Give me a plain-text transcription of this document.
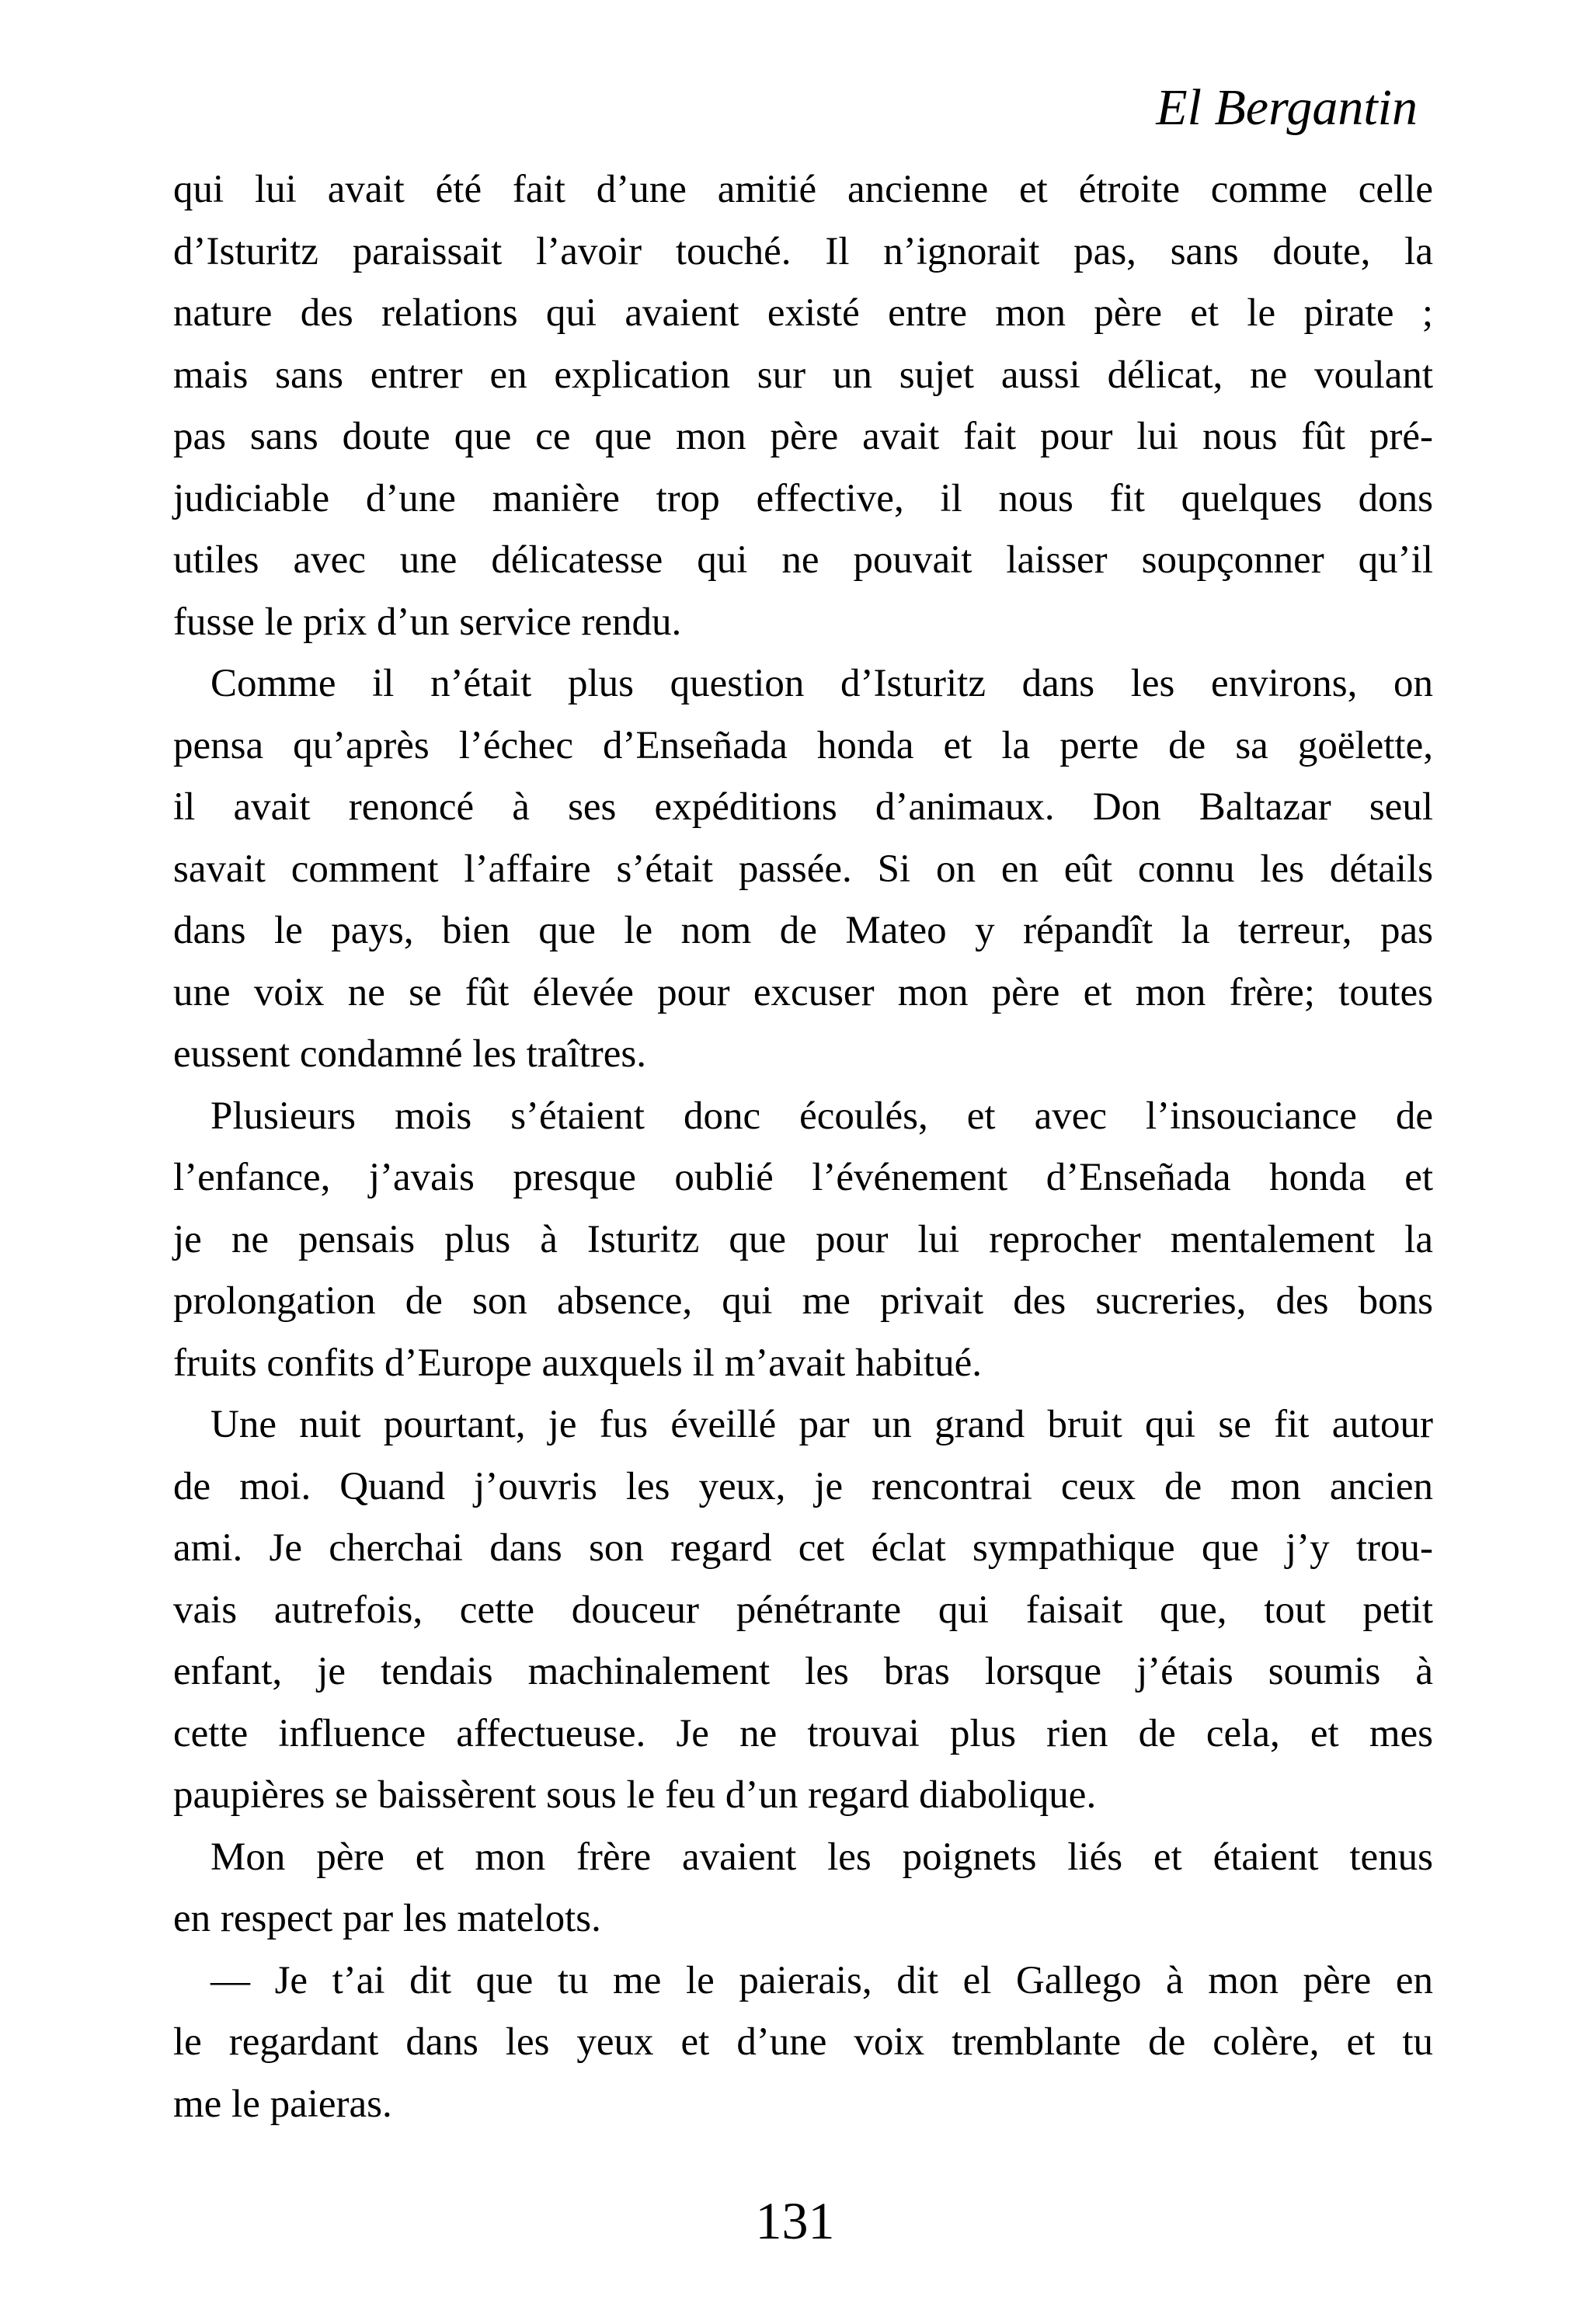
El Bergantin
qui lui avait été fait d’une amitié ancienne et étroite comme celle
d’Isturitz paraissait l’avoir touché. Il n’ignorait pas, sans doute, la
nature des relations qui avaient existé entre mon père et le pirate ;
mais sans entrer en explication sur un sujet aussi délicat, ne voulant
pas sans doute que ce que mon père avait fait pour lui nous fût pré-
judiciable d’une manière trop effective, il nous fit quelques dons
utiles avec une délicatesse qui ne pouvait laisser soupçonner qu’il
fusse le prix d’un service rendu.
Comme il n’était plus question d’Isturitz dans les environs, on
pensa qu’après l’échec d’Enseñada honda et la perte de sa goëlette,
il avait renoncé à ses expéditions d’animaux. Don Baltazar seul
savait comment l’affaire s’était passée. Si on en eût connu les détails
dans le pays, bien que le nom de Mateo y répandît la terreur, pas
une voix ne se fût élevée pour excuser mon père et mon frère; toutes
eussent condamné les traîtres.
Plusieurs mois s’étaient donc écoulés, et avec l’insouciance de
l’enfance, j’avais presque oublié l’événement d’Enseñada honda et
je ne pensais plus à Isturitz que pour lui reprocher mentalement la
prolongation de son absence, qui me privait des sucreries, des bons
fruits confits d’Europe auxquels il m’avait habitué.
Une nuit pourtant, je fus éveillé par un grand bruit qui se fit autour
de moi. Quand j’ouvris les yeux, je rencontrai ceux de mon ancien
ami. Je cherchai dans son regard cet éclat sympathique que j’y trou-
vais autrefois, cette douceur pénétrante qui faisait que, tout petit
enfant, je tendais machinalement les bras lorsque j’étais soumis à
cette influence affectueuse. Je ne trouvai plus rien de cela, et mes
paupières se baissèrent sous le feu d’un regard diabolique.
Mon père et mon frère avaient les poignets liés et étaient tenus
en respect par les matelots.
— Je t’ai dit que tu me le paierais, dit el Gallego à mon père en
le regardant dans les yeux et d’une voix tremblante de colère, et tu
me le paieras.
131
